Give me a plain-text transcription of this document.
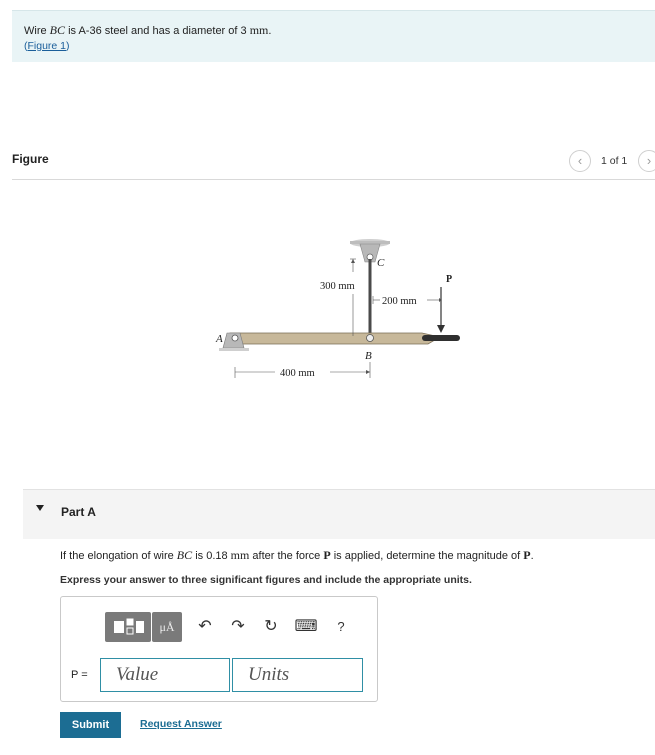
Wire BC is A-36 steel and has a diameter of 3 mm.
(Figure 1)
Figure	‹	1 of 1	›
C
P
300 mm
200 mm
A
B
400 mm
Part A
If the elongation of wire BC is 0.18 mm after the force P is applied, determine the magnitude of P.
Express your answer to three significant figures and include the appropriate units.
μÅ	↶	↷	↻	⌨	?
P =
Value
Units
Submit	Request Answer
